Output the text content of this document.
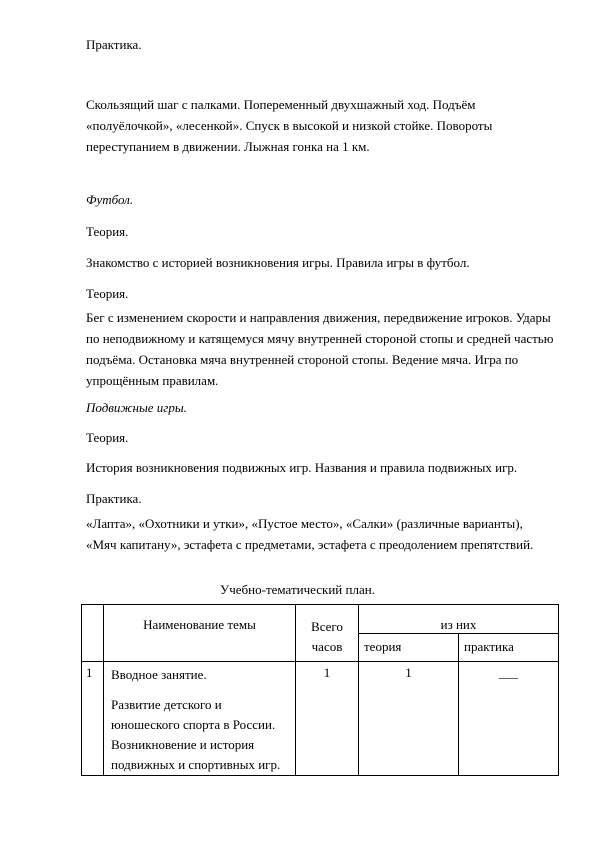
Практика.

Скользящий шаг с палками. Попеременный двухшажный ход. Подъём «полуёлочкой», «лесенкой». Спуск в высокой и низкой стойке. Повороты переступанием в движении. Лыжная гонка на 1 км.

Футбол.

Теория.

Знакомство с историей возникновения игры. Правила игры в футбол.

Теория.

Бег с изменением скорости и направления движения, передвижение игроков. Удары по неподвижному и катящемуся мячу внутренней стороной стопы и средней частью подъёма. Остановка мяча внутренней стороной стопы. Ведение мяча. Игра по упрощённым правилам.

Подвижные игры.

Теория.

История возникновения подвижных игр. Названия и правила подвижных игр.

Практика.

«Лапта», «Охотники и утки», «Пустое место», «Салки» (различные варианты), «Мяч капитану», эстафета с предметами, эстафета с преодолением препятствий.

Учебно-тематический план.
	Наименование темы	Всего часов	из них	
			теория	практика
1	Вводное занятие.
Развитие детского и юношеского спорта в России. Возникновение и история подвижных и спортивных игр.	1	1	___
